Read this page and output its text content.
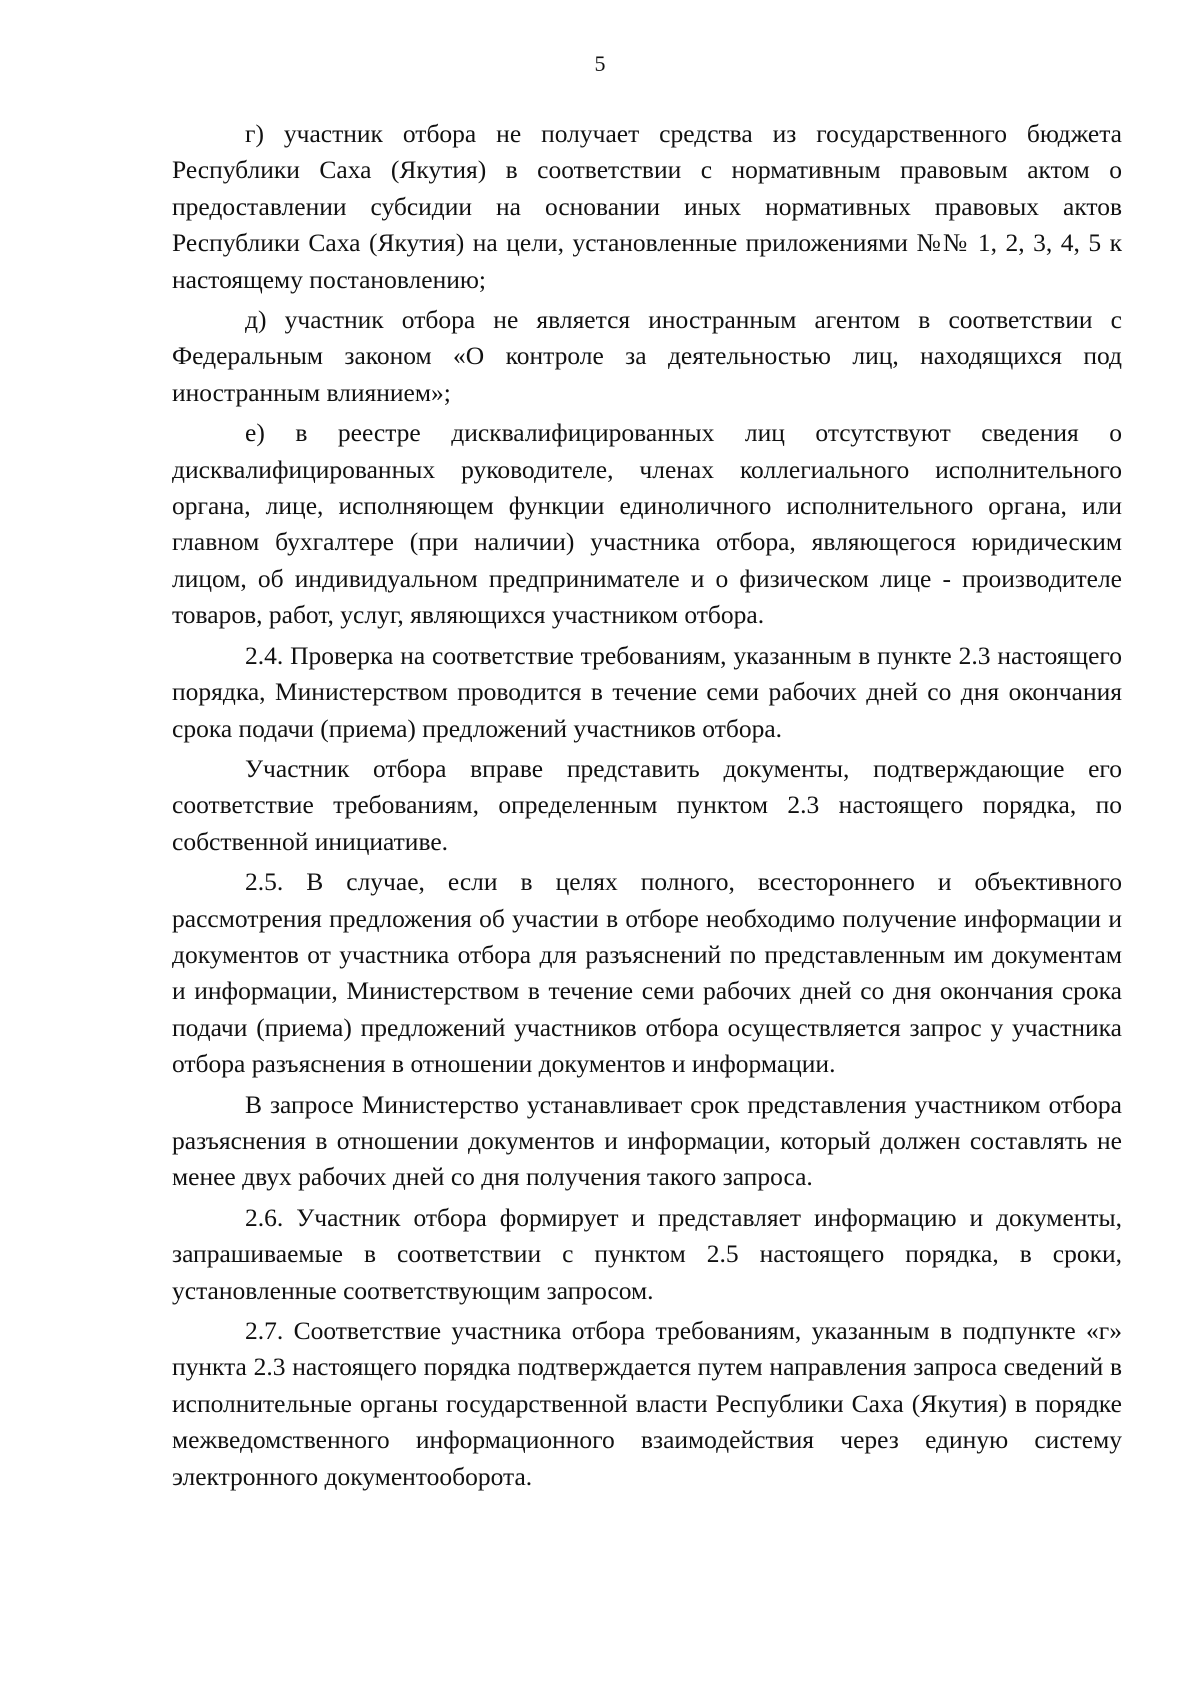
5

г) участник отбора не получает средства из государственного бюджета Республики Саха (Якутия) в соответствии с нормативным правовым актом о предоставлении субсидии на основании иных нормативных правовых актов Республики Саха (Якутия) на цели, установленные приложениями №№ 1, 2, 3, 4, 5 к настоящему постановлению;

д) участник отбора не является иностранным агентом в соответствии с Федеральным законом «О контроле за деятельностью лиц, находящихся под иностранным влиянием»;

е) в реестре дисквалифицированных лиц отсутствуют сведения о дисквалифицированных руководителе, членах коллегиального исполнительного органа, лице, исполняющем функции единоличного исполнительного органа, или главном бухгалтере (при наличии) участника отбора, являющегося юридическим лицом, об индивидуальном предпринимателе и о физическом лице - производителе товаров, работ, услуг, являющихся участником отбора.

2.4. Проверка на соответствие требованиям, указанным в пункте 2.3 настоящего порядка, Министерством проводится в течение семи рабочих дней со дня окончания срока подачи (приема) предложений участников отбора.

Участник отбора вправе представить документы, подтверждающие его соответствие требованиям, определенным пунктом 2.3 настоящего порядка, по собственной инициативе.

2.5. В случае, если в целях полного, всестороннего и объективного рассмотрения предложения об участии в отборе необходимо получение информации и документов от участника отбора для разъяснений по представленным им документам и информации, Министерством в течение семи рабочих дней со дня окончания срока подачи (приема) предложений участников отбора осуществляется запрос у участника отбора разъяснения в отношении документов и информации.

В запросе Министерство устанавливает срок представления участником отбора разъяснения в отношении документов и информации, который должен составлять не менее двух рабочих дней со дня получения такого запроса.

2.6. Участник отбора формирует и представляет информацию и документы, запрашиваемые в соответствии с пунктом 2.5 настоящего порядка, в сроки, установленные соответствующим запросом.

2.7. Соответствие участника отбора требованиям, указанным в подпункте «г» пункта 2.3 настоящего порядка подтверждается путем направления запроса сведений в исполнительные органы государственной власти Республики Саха (Якутия) в порядке межведомственного информационного взаимодействия через единую систему электронного документооборота.
